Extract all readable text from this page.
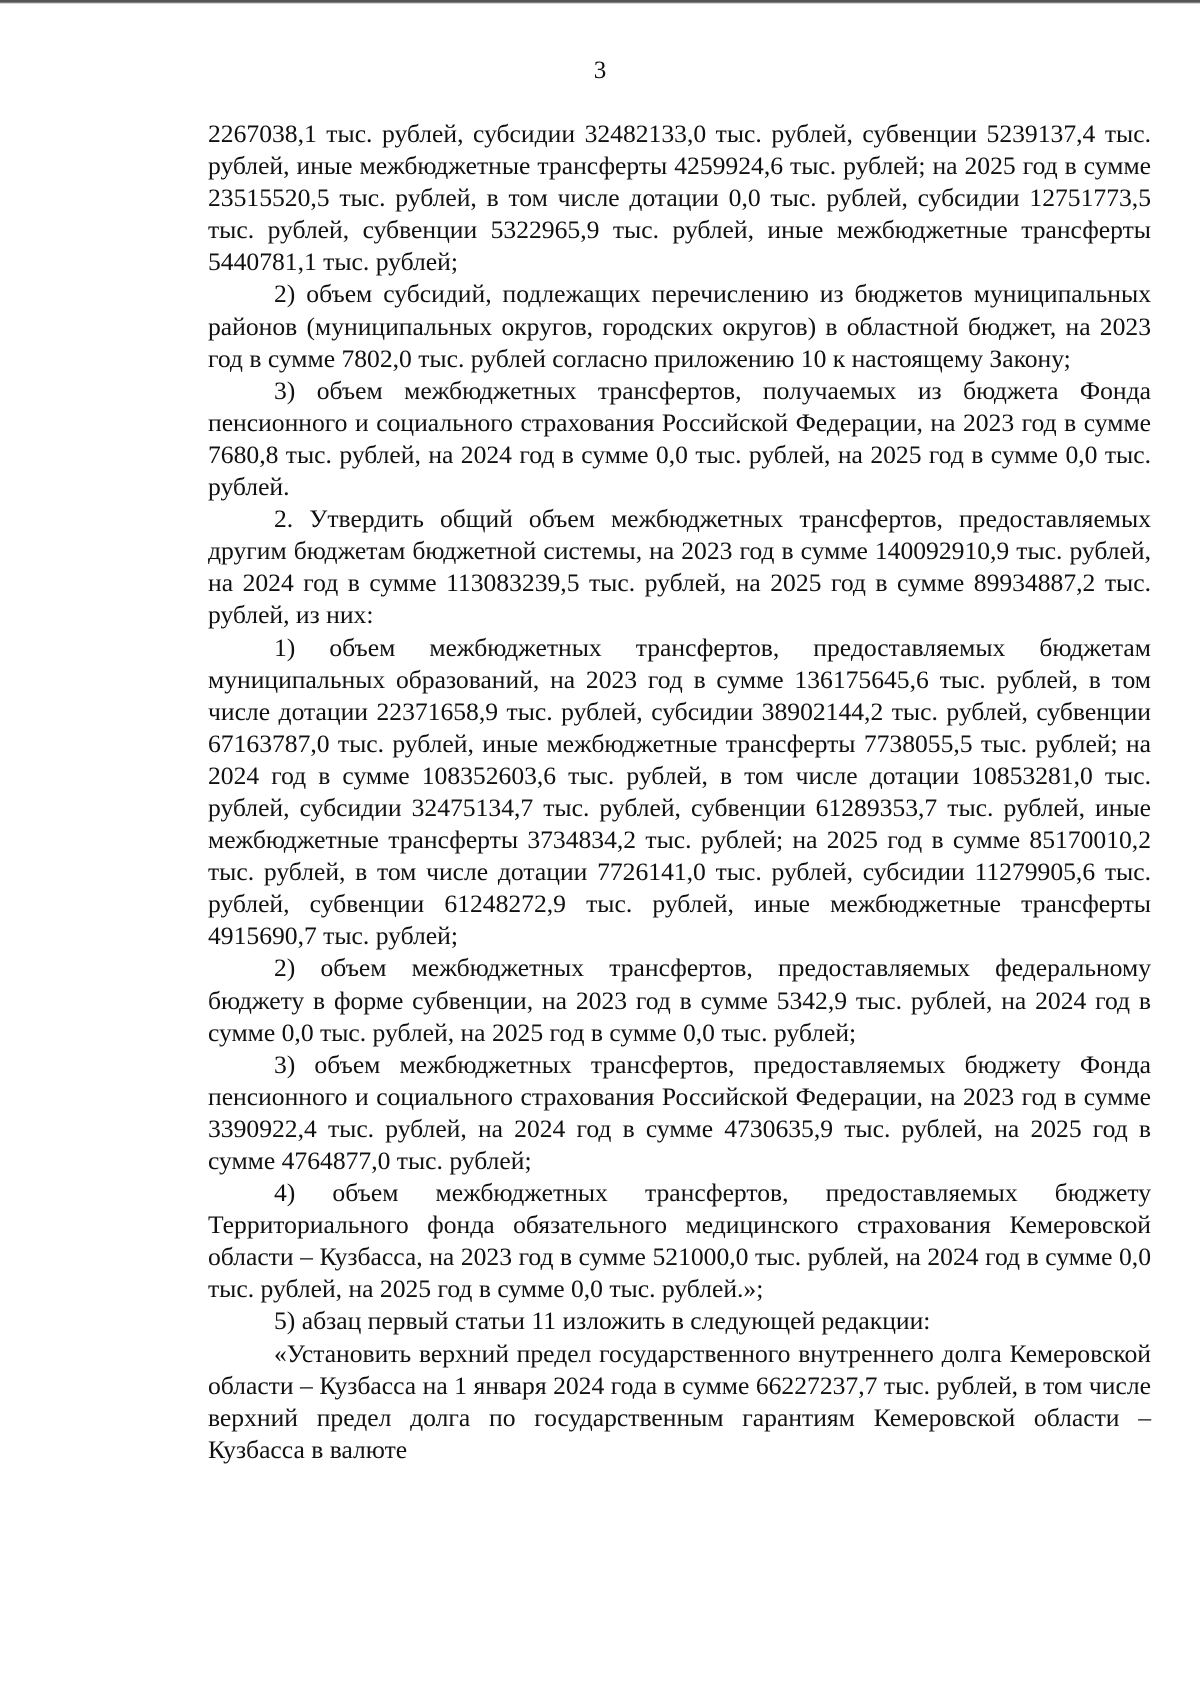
3

2267038,1 тыс. рублей, субсидии 32482133,0 тыс. рублей, субвенции 5239137,4 тыс. рублей, иные межбюджетные трансферты 4259924,6 тыс. рублей; на 2025 год в сумме 23515520,5 тыс. рублей, в том числе дотации 0,0 тыс. рублей, субсидии 12751773,5 тыс. рублей, субвенции 5322965,9 тыс. рублей, иные межбюджетные трансферты 5440781,1 тыс. рублей;

2) объем субсидий, подлежащих перечислению из бюджетов муниципальных районов (муниципальных округов, городских округов) в областной бюджет, на 2023 год в сумме 7802,0 тыс. рублей согласно приложению 10 к настоящему Закону;

3) объем межбюджетных трансфертов, получаемых из бюджета Фонда пенсионного и социального страхования Российской Федерации, на 2023 год в сумме 7680,8 тыс. рублей, на 2024 год в сумме 0,0 тыс. рублей, на 2025 год в сумме 0,0 тыс. рублей.

2. Утвердить общий объем межбюджетных трансфертов, предоставляемых другим бюджетам бюджетной системы, на 2023 год в сумме 140092910,9 тыс. рублей, на 2024 год в сумме 113083239,5 тыс. рублей, на 2025 год в сумме 89934887,2 тыс. рублей, из них:

1) объем межбюджетных трансфертов, предоставляемых бюджетам муниципальных образований, на 2023 год в сумме 136175645,6 тыс. рублей, в том числе дотации 22371658,9 тыс. рублей, субсидии 38902144,2 тыс. рублей, субвенции 67163787,0 тыс. рублей, иные межбюджетные трансферты 7738055,5 тыс. рублей; на 2024 год в сумме 108352603,6 тыс. рублей, в том числе дотации 10853281,0 тыс. рублей, субсидии 32475134,7 тыс. рублей, субвенции 61289353,7 тыс. рублей, иные межбюджетные трансферты 3734834,2 тыс. рублей; на 2025 год в сумме 85170010,2 тыс. рублей, в том числе дотации 7726141,0 тыс. рублей, субсидии 11279905,6 тыс. рублей, субвенции 61248272,9 тыс. рублей, иные межбюджетные трансферты 4915690,7 тыс. рублей;

2) объем межбюджетных трансфертов, предоставляемых федеральному бюджету в форме субвенции, на 2023 год в сумме 5342,9 тыс. рублей, на 2024 год в сумме 0,0 тыс. рублей, на 2025 год в сумме 0,0 тыс. рублей;

3) объем межбюджетных трансфертов, предоставляемых бюджету Фонда пенсионного и социального страхования Российской Федерации, на 2023 год в сумме 3390922,4 тыс. рублей, на 2024 год в сумме 4730635,9 тыс. рублей, на 2025 год в сумме 4764877,0 тыс. рублей;

4) объем межбюджетных трансфертов, предоставляемых бюджету Территориального фонда обязательного медицинского страхования Кемеровской области – Кузбасса, на 2023 год в сумме 521000,0 тыс. рублей, на 2024 год в сумме 0,0 тыс. рублей, на 2025 год в сумме 0,0 тыс. рублей.»;

5) абзац первый статьи 11 изложить в следующей редакции:

«Установить верхний предел государственного внутреннего долга Кемеровской области – Кузбасса на 1 января 2024 года в сумме 66227237,7 тыс. рублей, в том числе верхний предел долга по государственным гарантиям Кемеровской области – Кузбасса в валюте
